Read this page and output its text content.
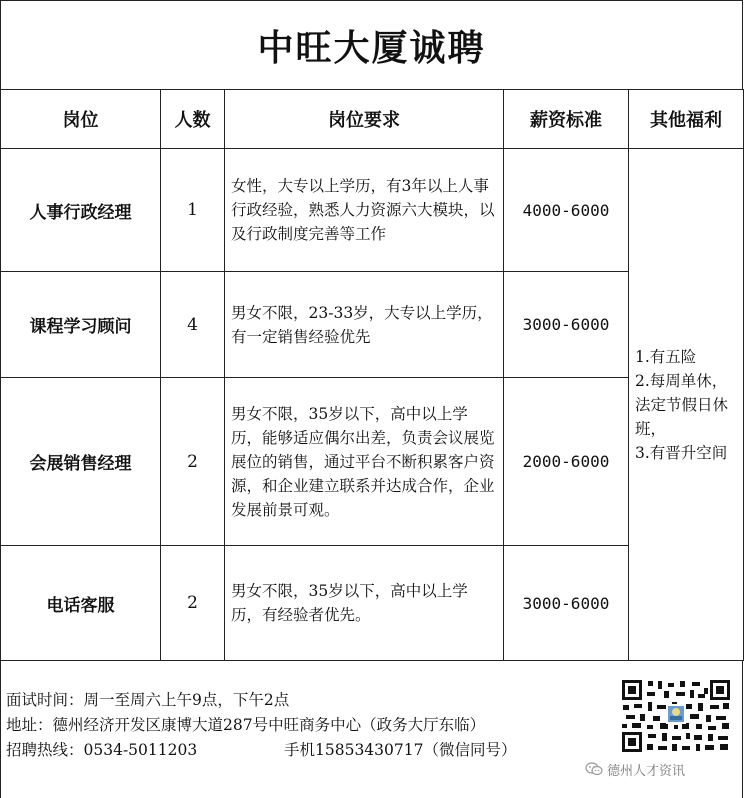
中旺大厦诚聘
岗位	人数	岗位要求	薪资标准	其他福利
人事行政经理	1	女性，大专以上学历，有3年以上人事行政经验，熟悉人力资源六大模块，以及行政制度完善等工作	4000-6000	1.有五险
2.每周单休，法定节假日休班，
3.有晋升空间

课程学习顾问	4	男女不限，23-33岁，大专以上学历，有一定销售经验优先	3000-6000	
会展销售经理	2	男女不限，35岁以下，高中以上学历，能够适应偶尔出差，负责会议展览展位的销售，通过平台不断积累客户资源，和企业建立联系并达成合作，企业发展前景可观。	2000-6000	
电话客服	2	男女不限，35岁以下，高中以上学历，有经验者优先。	3000-6000	
面试时间：周一至周六上午9点，下午2点
地址：德州经济开发区康博大道287号中旺商务中心（政务大厅东临）
招聘热线：0534-5011203	手机15853430717（微信同号）
德州人才资讯
